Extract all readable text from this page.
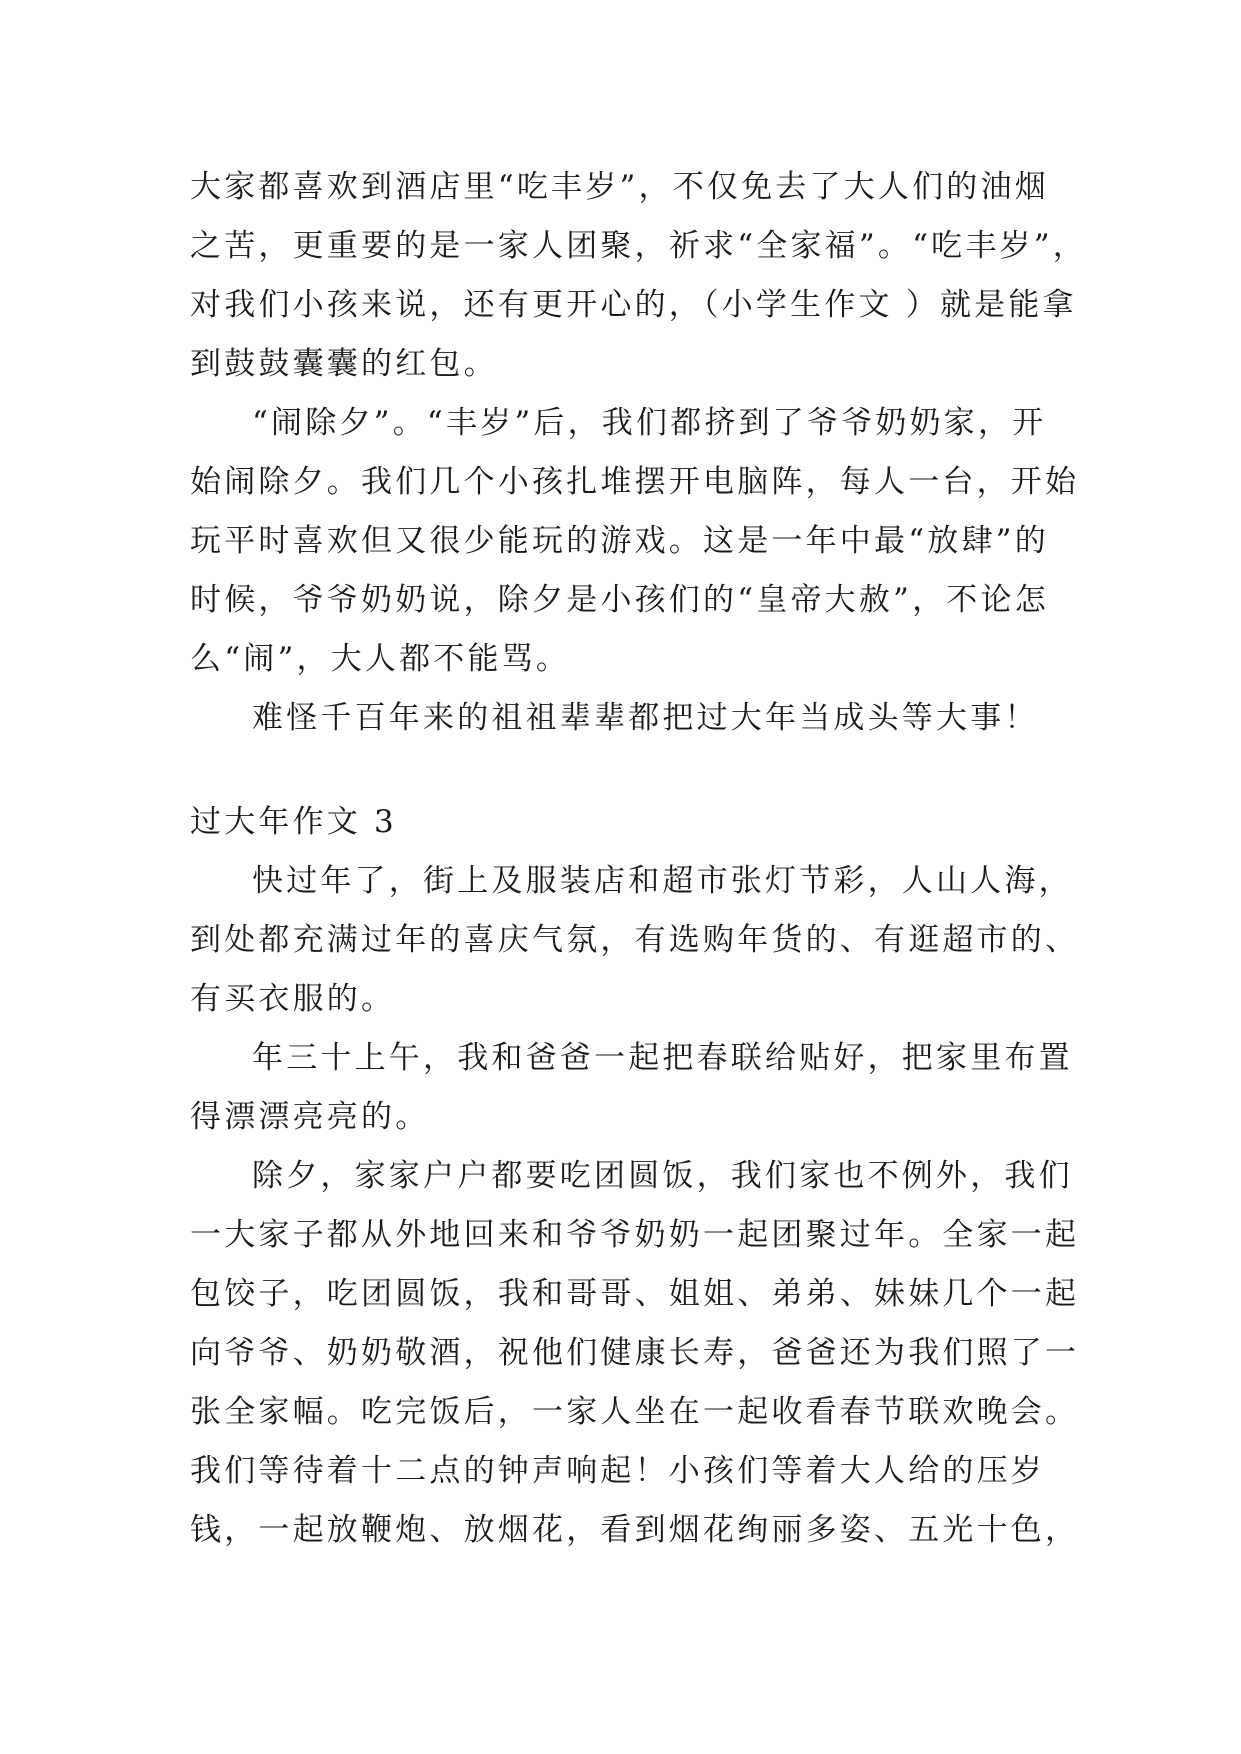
大家都喜欢到酒店里“吃丰岁”，不仅免去了大人们的油烟
之苦，更重要的是一家人团聚，祈求“全家福”。“吃丰岁”，
对我们小孩来说，还有更开心的，（小学生作文 ）就是能拿
到鼓鼓囊囊的红包。
“闹除夕”。“丰岁”后，我们都挤到了爷爷奶奶家，开
始闹除夕。我们几个小孩扎堆摆开电脑阵，每人一台，开始
玩平时喜欢但又很少能玩的游戏。这是一年中最“放肆”的
时候，爷爷奶奶说，除夕是小孩们的“皇帝大赦”，不论怎
么“闹”，大人都不能骂。
难怪千百年来的祖祖辈辈都把过大年当成头等大事！
过大年作文 3
快过年了，街上及服装店和超市张灯节彩，人山人海，
到处都充满过年的喜庆气氛，有选购年货的、有逛超市的、
有买衣服的。
年三十上午，我和爸爸一起把春联给贴好，把家里布置
得漂漂亮亮的。
除夕，家家户户都要吃团圆饭，我们家也不例外，我们
一大家子都从外地回来和爷爷奶奶一起团聚过年。全家一起
包饺子，吃团圆饭，我和哥哥、姐姐、弟弟、妹妹几个一起
向爷爷、奶奶敬酒，祝他们健康长寿，爸爸还为我们照了一
张全家幅。吃完饭后，一家人坐在一起收看春节联欢晚会。
我们等待着十二点的钟声响起！小孩们等着大人给的压岁
钱，一起放鞭炮、放烟花，看到烟花绚丽多姿、五光十色，
